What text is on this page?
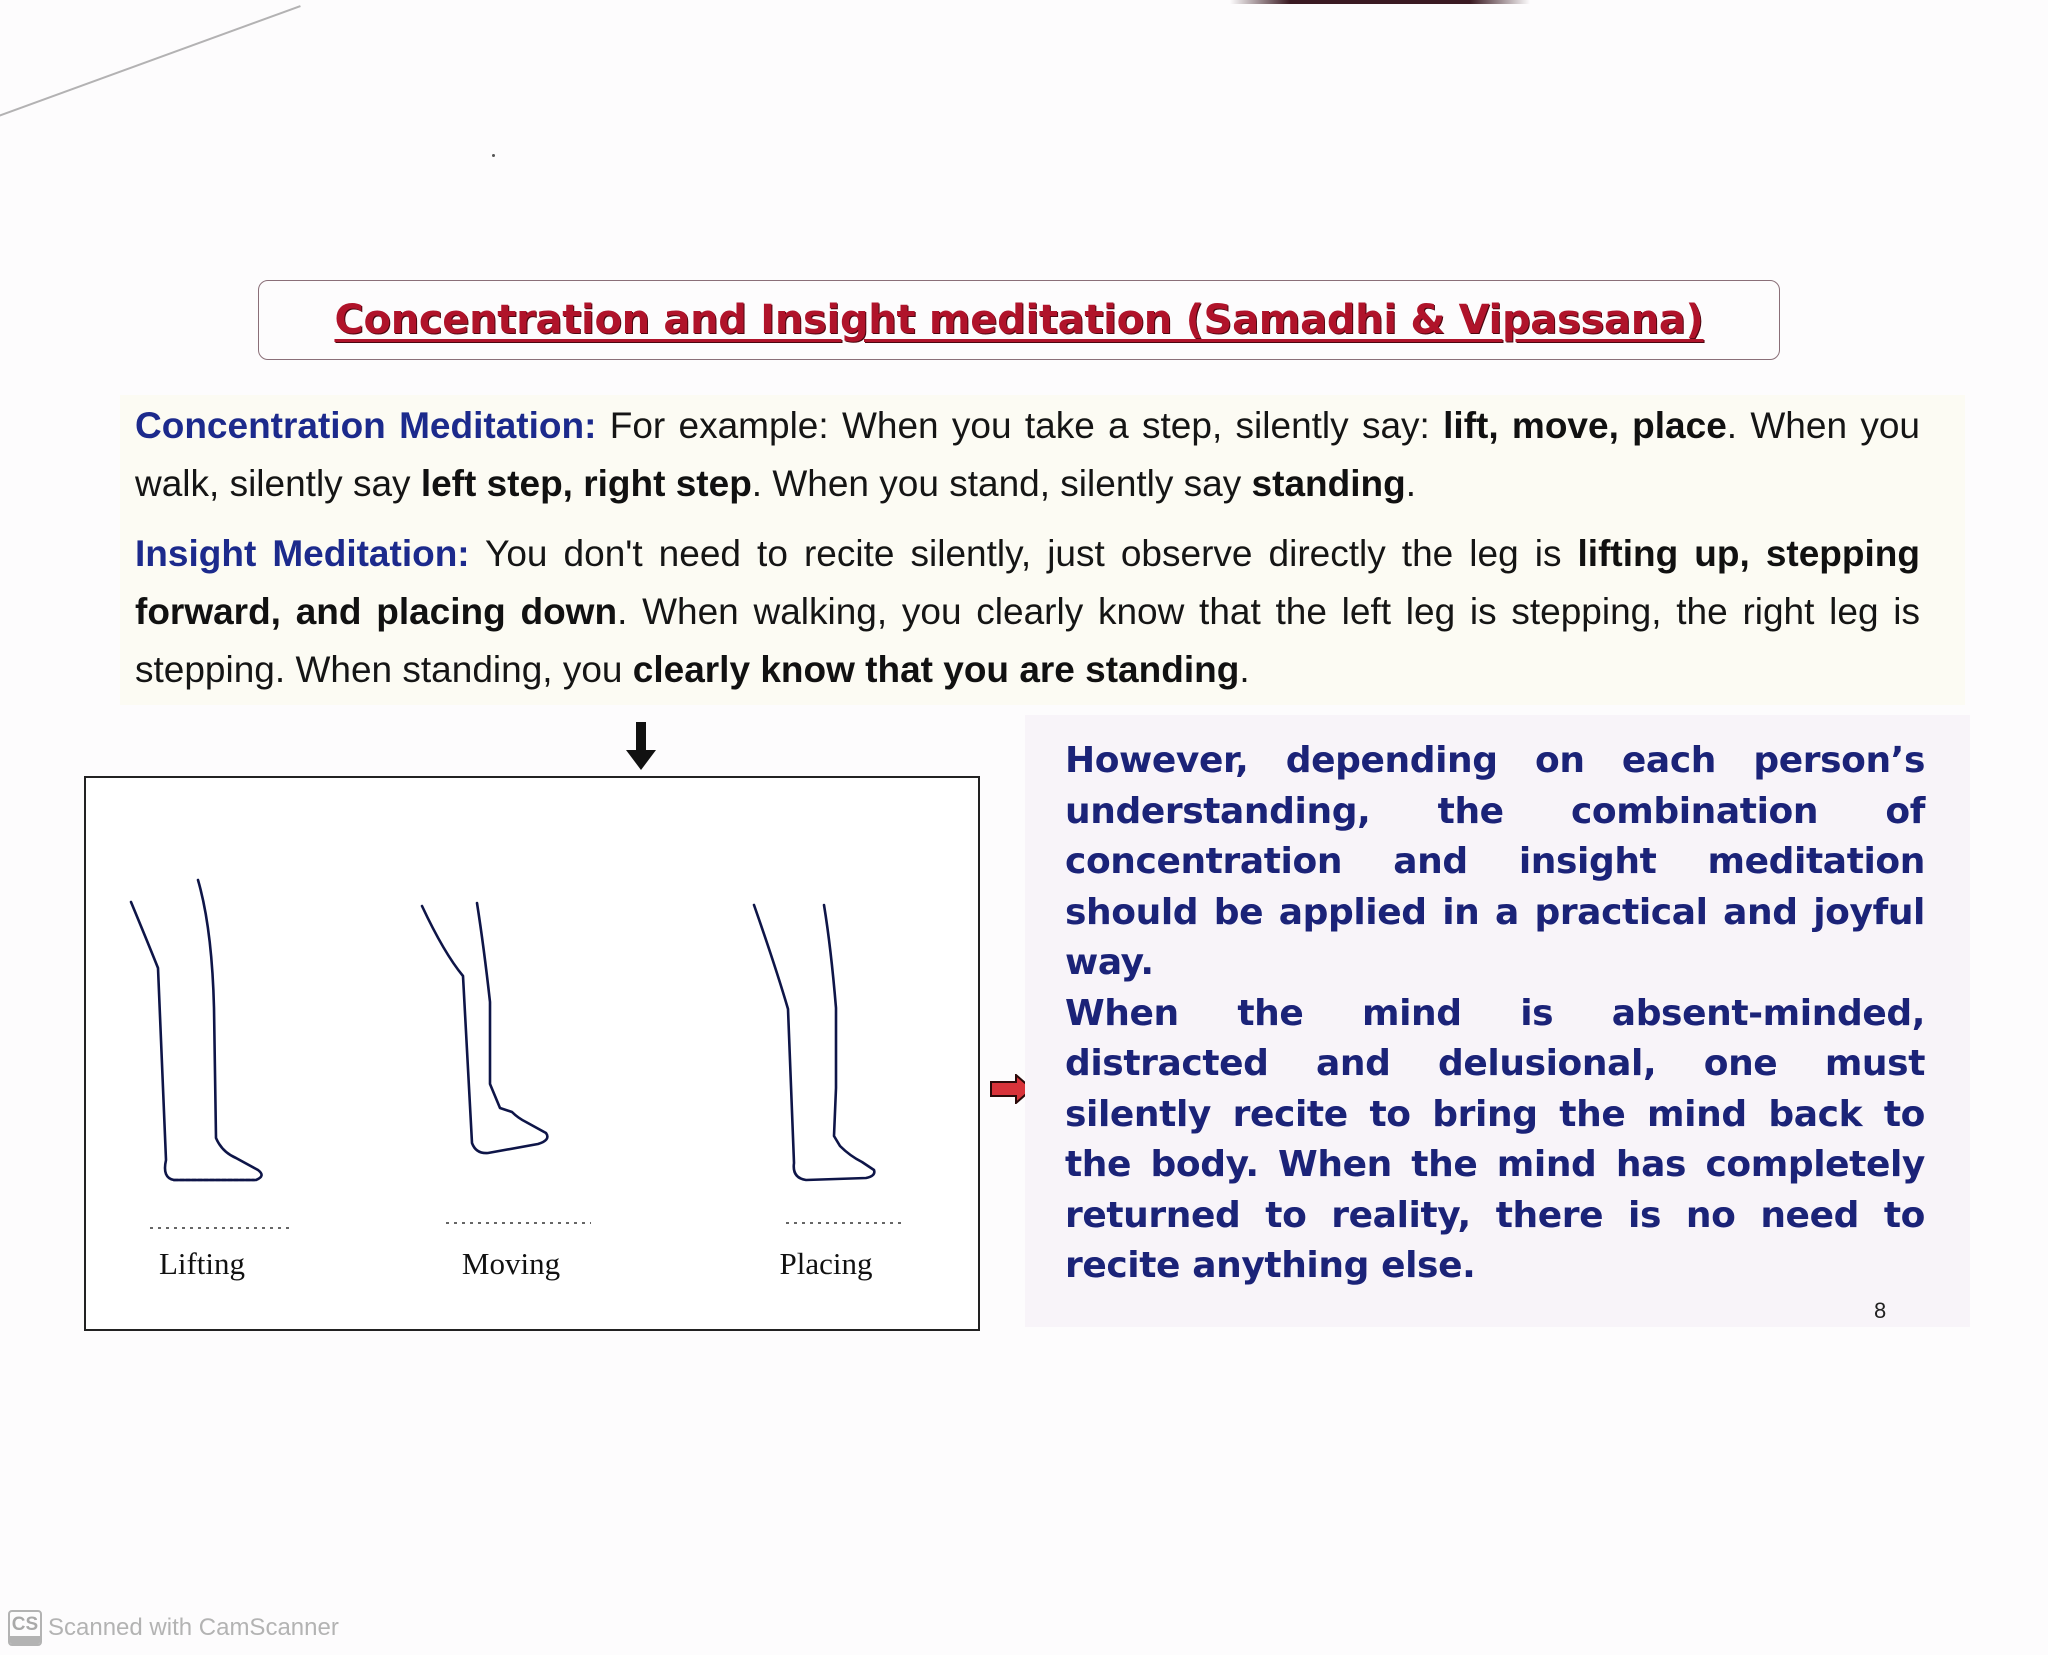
Concentration and Insight meditation (Samadhi & Vipassana)
Concentration Meditation: For example: When you take a step, silently say: lift, move, place. When you walk, silently say left step, right step. When you stand, silently say standing.
Insight Meditation: You don't need to recite silently, just observe directly the leg is lifting up, stepping forward, and placing down. When walking, you clearly know that the left leg is stepping, the right leg is stepping. When standing, you clearly know that you are standing.
Lifting	Moving	Placing

However, depending on each person’s understanding, the combination of concentration and insight meditation should be applied in a practical and joyful way.

When the mind is absent-minded, distracted and delusional, one must silently recite to bring the mind back to the body. When the mind has completely returned to reality, there is no need to recite anything else.

8
CS Scanned with CamScanner
